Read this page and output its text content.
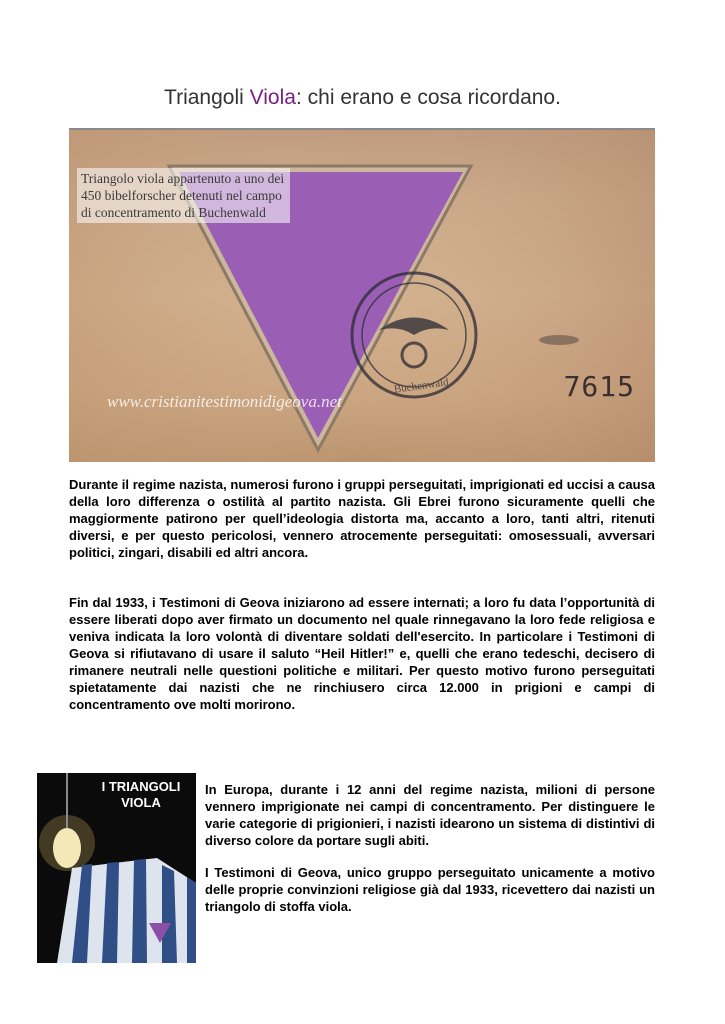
Triangoli Viola: chi erano e cosa ricordano.
Buchenwald
Triangolo viola appartenuto a uno dei 450 bibelforscher detenuti nel campo di concentramento di Buchenwald
7615
www.cristianitestimonidigeova.net

Durante il regime nazista, numerosi furono i gruppi perseguitati, imprigionati ed uccisi a causa della loro differenza o ostilità al partito nazista. Gli Ebrei furono sicuramente quelli che maggiormente patirono per quell’ideologia distorta ma, accanto a loro, tanti altri, ritenuti diversi, e per questo pericolosi, vennero atrocemente perseguitati: omosessuali, avversari politici, zingari, disabili ed altri ancora.

Fin dal 1933, i Testimoni di Geova iniziarono ad essere internati; a loro fu data l’opportunità di essere liberati dopo aver firmato un documento nel quale rinnegavano la loro fede religiosa e veniva indicata la loro volontà di diventare soldati dell'esercito. In particolare i Testimoni di Geova si rifiutavano di usare il saluto “Heil Hitler!” e, quelli che erano tedeschi, decisero di rimanere neutrali nelle questioni politiche e militari. Per questo motivo furono perseguitati spietatamente dai nazisti che ne rinchiusero circa 12.000 in prigioni e campi di concentramento ove molti morirono.

I TRIANGOLI
VIOLA

In Europa, durante i 12 anni del regime nazista, milioni di persone vennero imprigionate nei campi di concentramento. Per distinguere le varie categorie di prigionieri, i nazisti idearono un sistema di distintivi di diverso colore da portare sugli abiti.

I Testimoni di Geova, unico gruppo perseguitato unicamente a motivo delle proprie convinzioni religiose già dal 1933, ricevettero dai nazisti un triangolo di stoffa viola.
